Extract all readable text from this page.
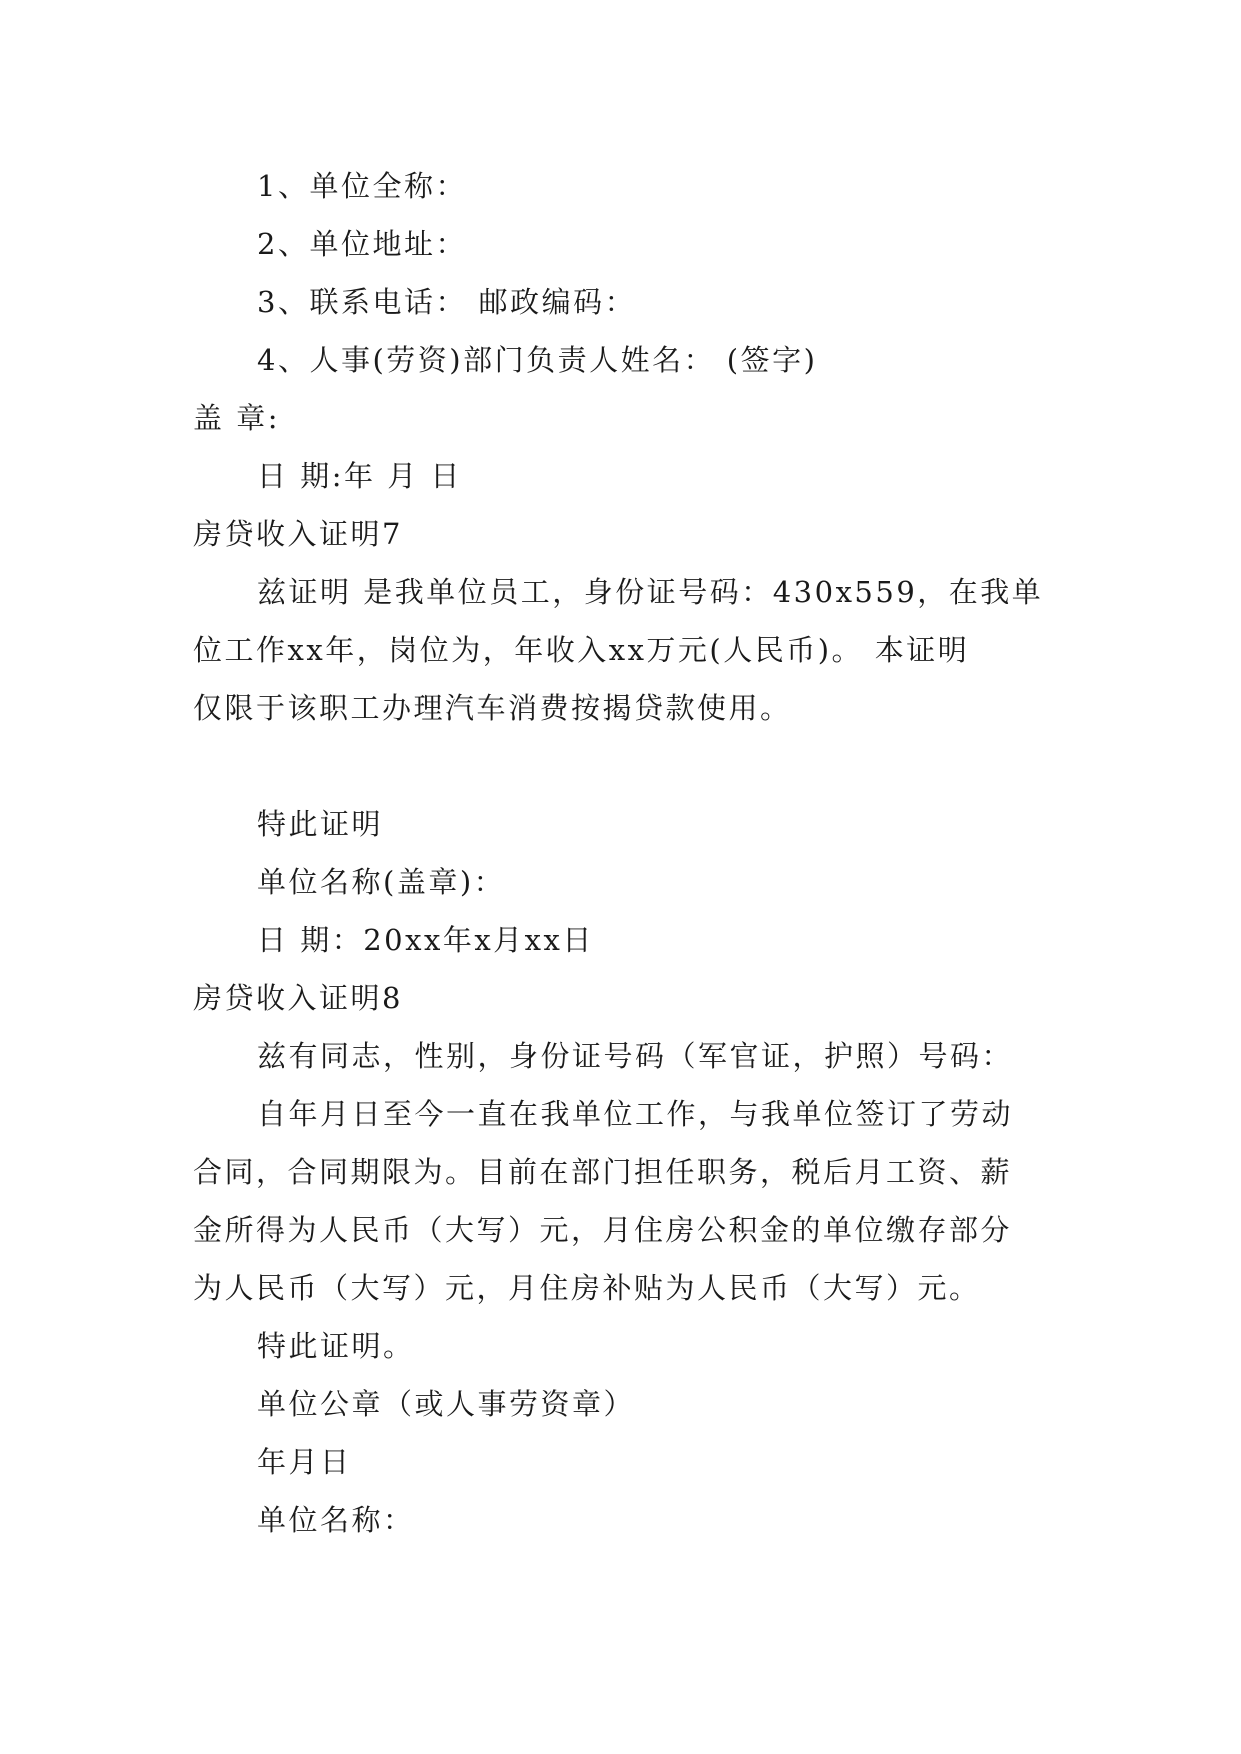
1、单位全称：
2、单位地址：
3、联系电话： 邮政编码：
4、人事(劳资)部门负责人姓名： (签字)
盖 章:
日 期:年 月 日
房贷收入证明7
兹证明 是我单位员工，身份证号码：430x559，在我单
位工作xx年，岗位为，年收入xx万元(人民币)。 本证明
仅限于该职工办理汽车消费按揭贷款使用。
特此证明
单位名称(盖章)：
日 期：20xx年x月xx日
房贷收入证明8
兹有同志，性别，身份证号码（军官证，护照）号码：
自年月日至今一直在我单位工作，与我单位签订了劳动
合同，合同期限为。目前在部门担任职务，税后月工资、薪
金所得为人民币（大写）元，月住房公积金的单位缴存部分
为人民币（大写）元，月住房补贴为人民币（大写）元。
特此证明。
单位公章（或人事劳资章）
年月日
单位名称：
